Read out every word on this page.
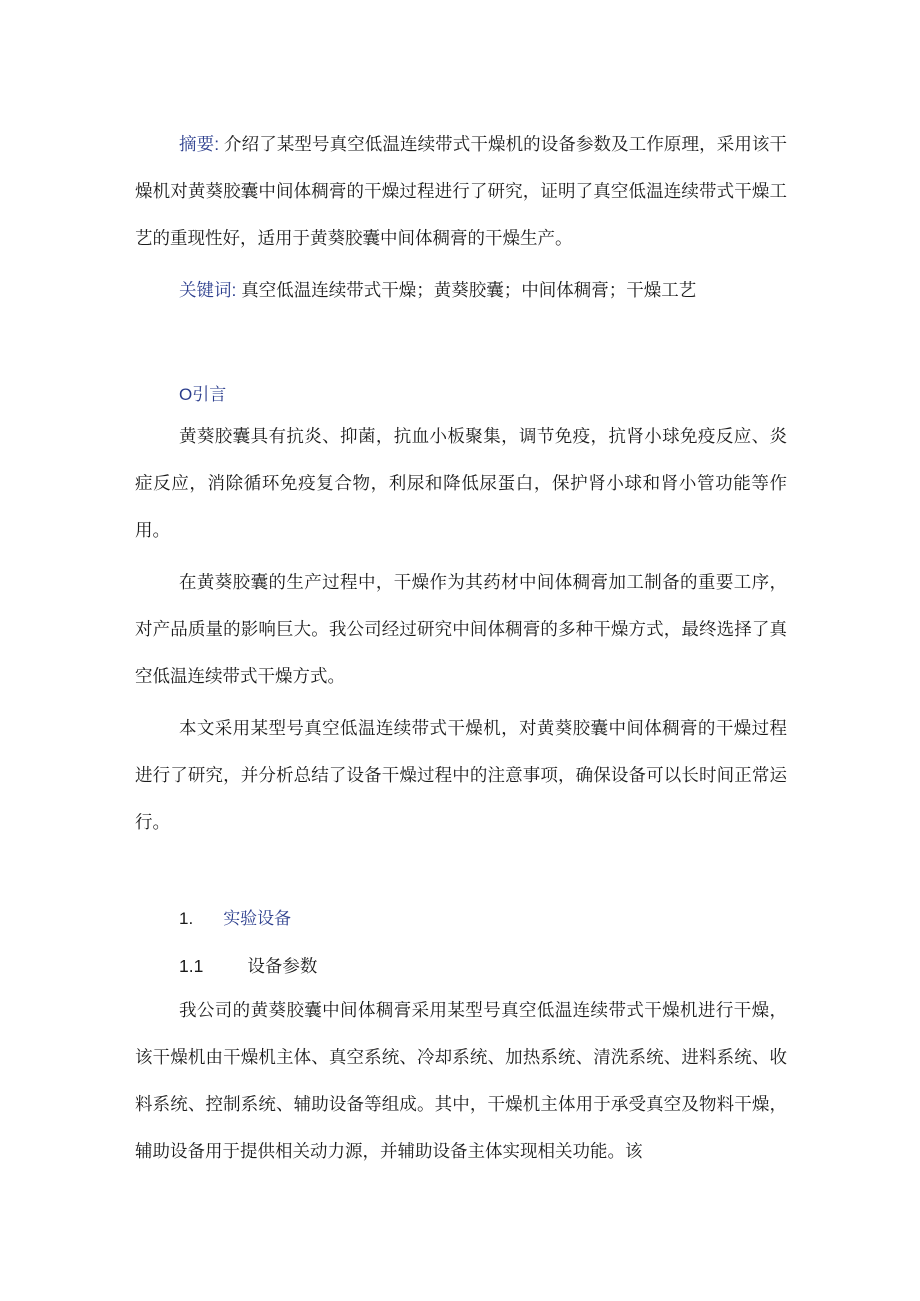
摘要: 介绍了某型号真空低温连续带式干燥机的设备参数及工作原理，采用该干燥机对黄葵胶囊中间体稠膏的干燥过程进行了研究，证明了真空低温连续带式干燥工艺的重现性好，适用于黄葵胶囊中间体稠膏的干燥生产。

关键词: 真空低温连续带式干燥；黄葵胶囊；中间体稠膏；干燥工艺

O引言

黄葵胶囊具有抗炎、抑菌，抗血小板聚集，调节免疫，抗肾小球免疫反应、炎症反应，消除循环免疫复合物，利尿和降低尿蛋白，保护肾小球和肾小管功能等作用。

在黄葵胶囊的生产过程中，干燥作为其药材中间体稠膏加工制备的重要工序，对产品质量的影响巨大。我公司经过研究中间体稠膏的多种干燥方式，最终选择了真空低温连续带式干燥方式。

本文采用某型号真空低温连续带式干燥机，对黄葵胶囊中间体稠膏的干燥过程进行了研究，并分析总结了设备干燥过程中的注意事项，确保设备可以长时间正常运行。

1. 实验设备
1.1	设备参数

我公司的黄葵胶囊中间体稠膏采用某型号真空低温连续带式干燥机进行干燥，该干燥机由干燥机主体、真空系统、冷却系统、加热系统、清洗系统、进料系统、收料系统、控制系统、辅助设备等组成。其中，干燥机主体用于承受真空及物料干燥，辅助设备用于提供相关动力源，并辅助设备主体实现相关功能。该
